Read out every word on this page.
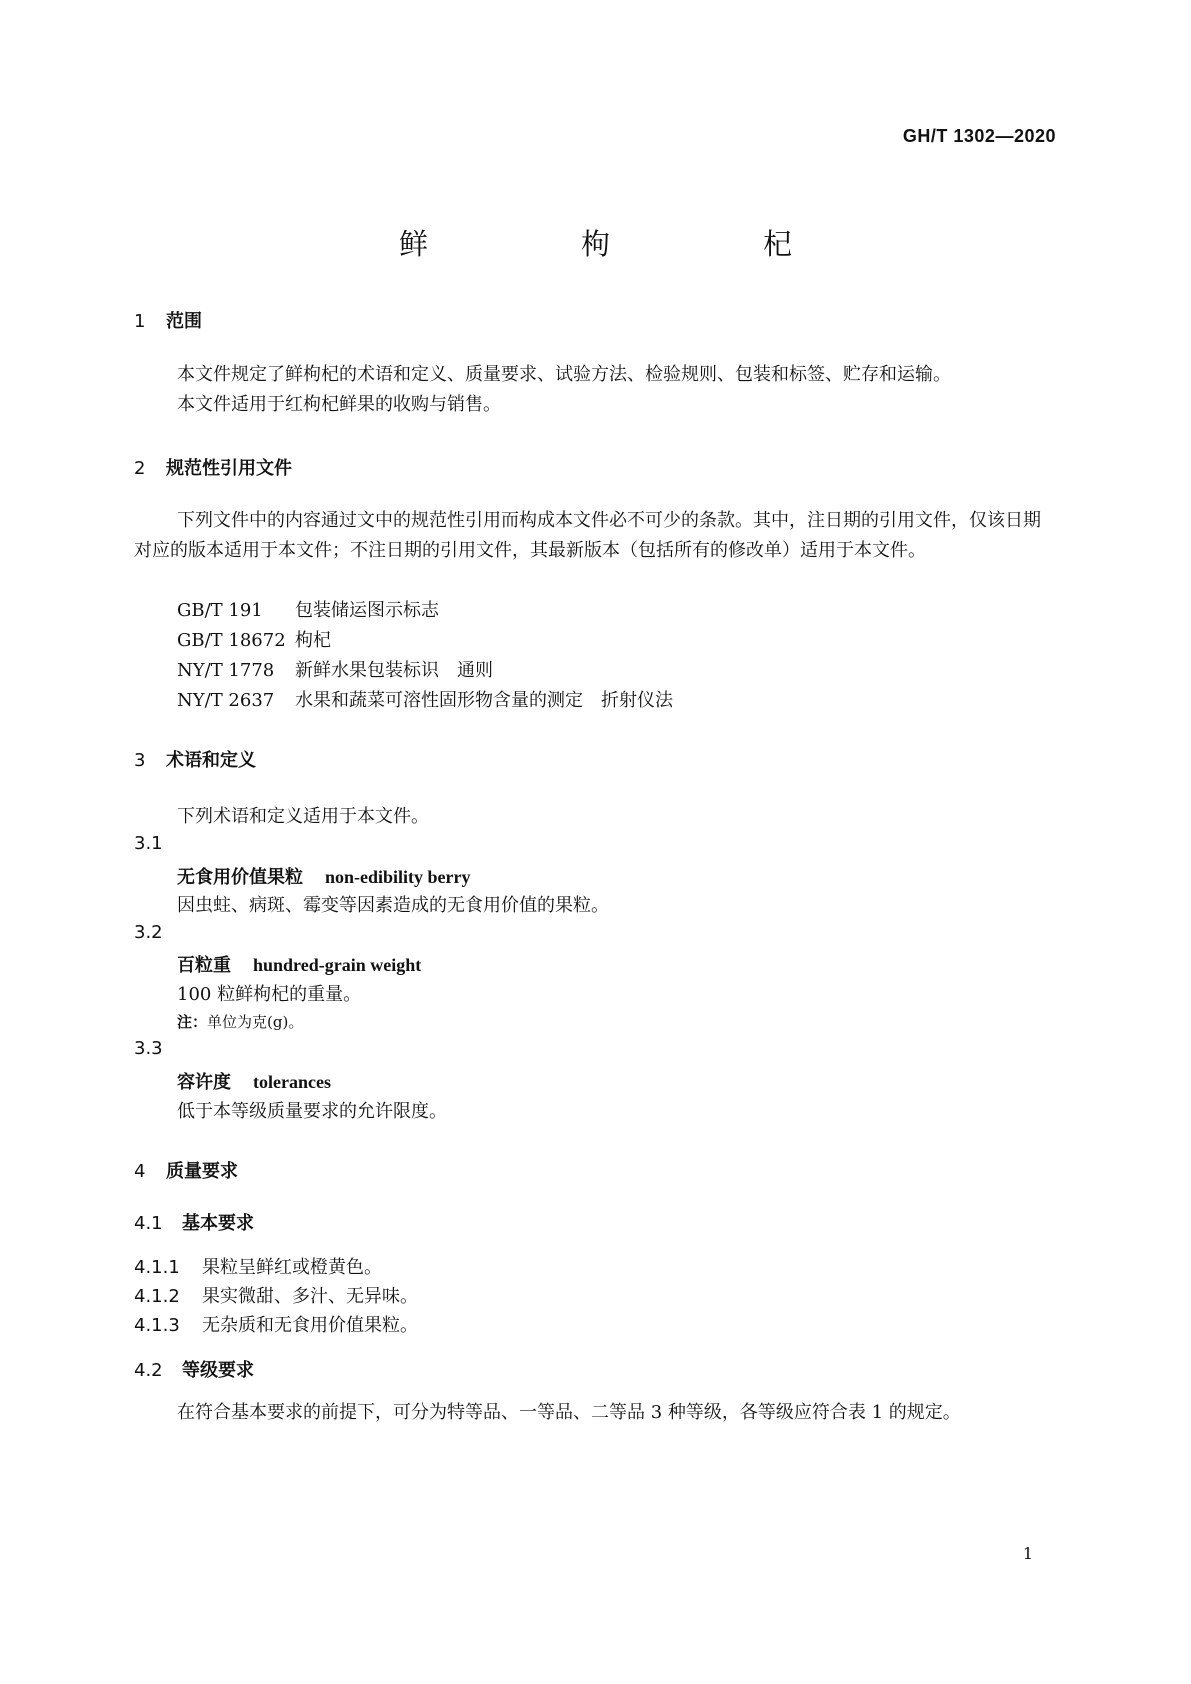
GH/T 1302—2020
鲜　枸　杞
1 范围
本文件规定了鲜枸杞的术语和定义、质量要求、试验方法、检验规则、包装和标签、贮存和运输。
本文件适用于红枸杞鲜果的收购与销售。
2 规范性引用文件
下列文件中的内容通过文中的规范性引用而构成本文件必不可少的条款。其中，注日期的引用文件，仅该日期对应的版本适用于本文件；不注日期的引用文件，其最新版本（包括所有的修改单）适用于本文件。
GB/T 191 包装储运图示标志
GB/T 18672 枸杞
NY/T 1778 新鲜水果包装标识　通则
NY/T 2637 水果和蔬菜可溶性固形物含量的测定　折射仪法
3 术语和定义
下列术语和定义适用于本文件。
3.1
无食用价值果粒 non-edibility berry
因虫蛀、病斑、霉变等因素造成的无食用价值的果粒。
3.2
百粒重 hundred-grain weight
100 粒鲜枸杞的重量。
注：单位为克(g)。
3.3
容许度 tolerances
低于本等级质量要求的允许限度。
4 质量要求
4.1 基本要求
4.1.1 果粒呈鲜红或橙黄色。
4.1.2 果实微甜、多汁、无异味。
4.1.3 无杂质和无食用价值果粒。
4.2 等级要求
在符合基本要求的前提下，可分为特等品、一等品、二等品 3 种等级，各等级应符合表 1 的规定。
1
